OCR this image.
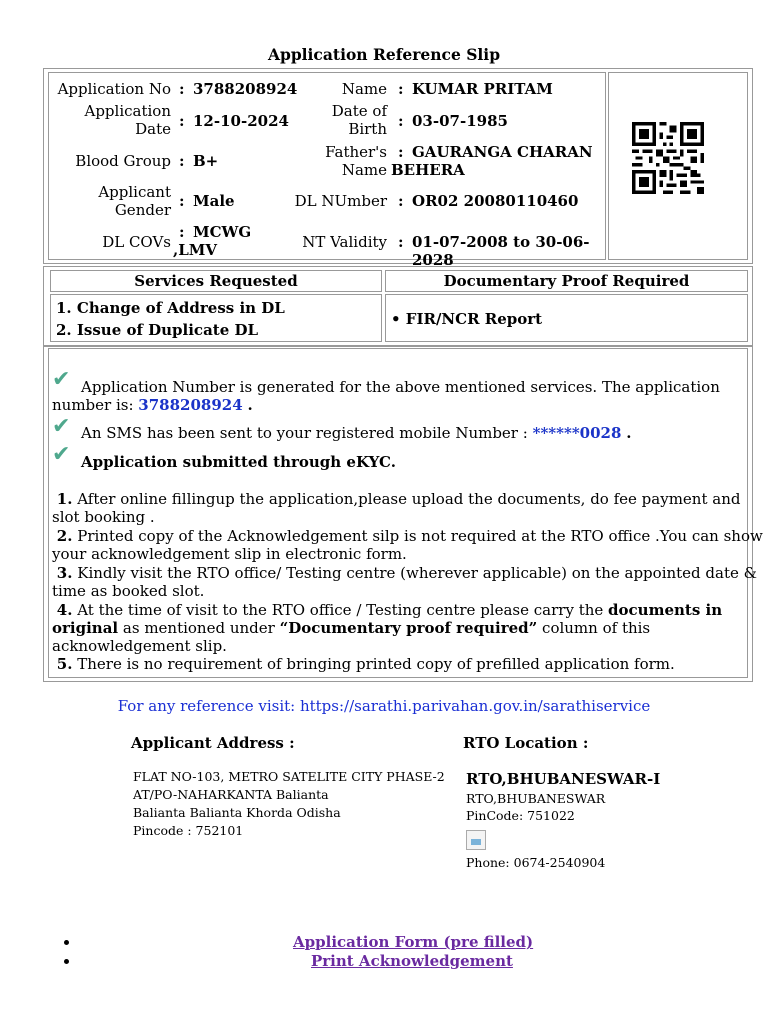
Application Reference Slip
Application No : 3788208924
Application
Date : 12-10-2024
Blood Group : B+
Applicant
Gender : Male
DL COVs
: MCWG
,LMV
Name : KUMAR PRITAM
Date of
Birth : 03-07-1985
Father's
Name
: GAURANGA CHARAN
BEHERA
DL NUmber : OR02 20080110460
NT Validity : 01-07-2008 to 30-06-2028
Services Requested	Documentary Proof Required
1. Change of Address in DL
2. Issue of Duplicate DL
• FIR/NCR Report
✔ Application Number is generated for the above mentioned services. The application
number is: 3788208924 .
✔ An SMS has been sent to your registered mobile Number : ******0028 .
✔ Application submitted through eKYC.
1. After online fillingup the application,please upload the documents, do fee payment and
slot booking .
2. Printed copy of the Acknowledgement silp is not required at the RTO office .You can show
your acknowledgement slip in electronic form.
3. Kindly visit the RTO office/ Testing centre (wherever applicable) on the appointed date &
time as booked slot.
4. At the time of visit to the RTO office / Testing centre please carry the documents in
original as mentioned under “Documentary proof required” column of this
acknowledgement slip.
5. There is no requirement of bringing printed copy of prefilled application form.
For any reference visit: https://sarathi.parivahan.gov.in/sarathiservice
Applicant Address :
FLAT NO-103, METRO SATELITE CITY PHASE-2
AT/PO-NAHARKANTA Balianta
Balianta Balianta Khorda Odisha
Pincode : 752101
RTO Location :
RTO,BHUBANESWAR-I
RTO,BHUBANESWAR
PinCode: 751022
Phone: 0674-2540904
Application Form (pre filled)
Print Acknowledgement
